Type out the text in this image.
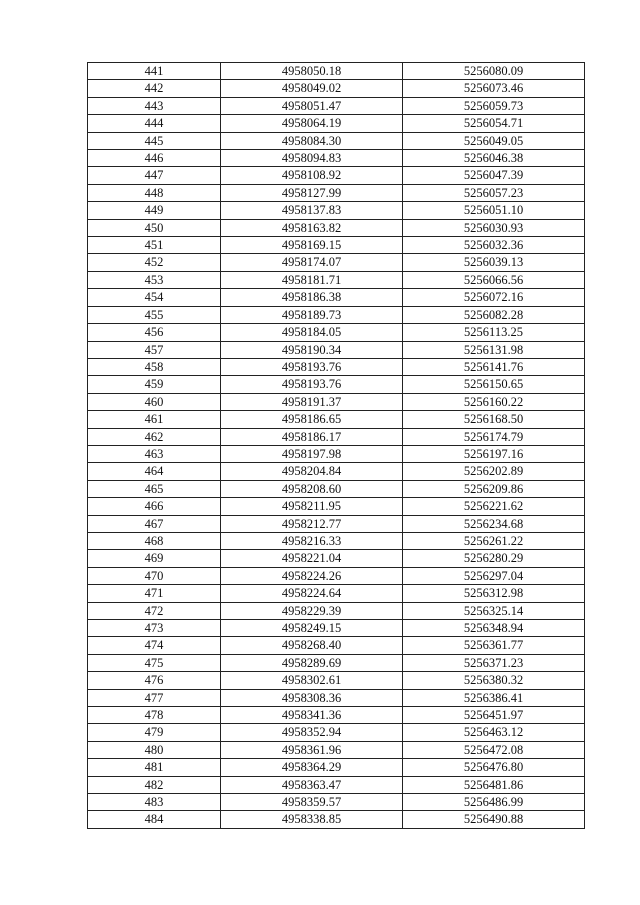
441	4958050.18	5256080.09
442	4958049.02	5256073.46
443	4958051.47	5256059.73
444	4958064.19	5256054.71
445	4958084.30	5256049.05
446	4958094.83	5256046.38
447	4958108.92	5256047.39
448	4958127.99	5256057.23
449	4958137.83	5256051.10
450	4958163.82	5256030.93
451	4958169.15	5256032.36
452	4958174.07	5256039.13
453	4958181.71	5256066.56
454	4958186.38	5256072.16
455	4958189.73	5256082.28
456	4958184.05	5256113.25
457	4958190.34	5256131.98
458	4958193.76	5256141.76
459	4958193.76	5256150.65
460	4958191.37	5256160.22
461	4958186.65	5256168.50
462	4958186.17	5256174.79
463	4958197.98	5256197.16
464	4958204.84	5256202.89
465	4958208.60	5256209.86
466	4958211.95	5256221.62
467	4958212.77	5256234.68
468	4958216.33	5256261.22
469	4958221.04	5256280.29
470	4958224.26	5256297.04
471	4958224.64	5256312.98
472	4958229.39	5256325.14
473	4958249.15	5256348.94
474	4958268.40	5256361.77
475	4958289.69	5256371.23
476	4958302.61	5256380.32
477	4958308.36	5256386.41
478	4958341.36	5256451.97
479	4958352.94	5256463.12
480	4958361.96	5256472.08
481	4958364.29	5256476.80
482	4958363.47	5256481.86
483	4958359.57	5256486.99
484	4958338.85	5256490.88
